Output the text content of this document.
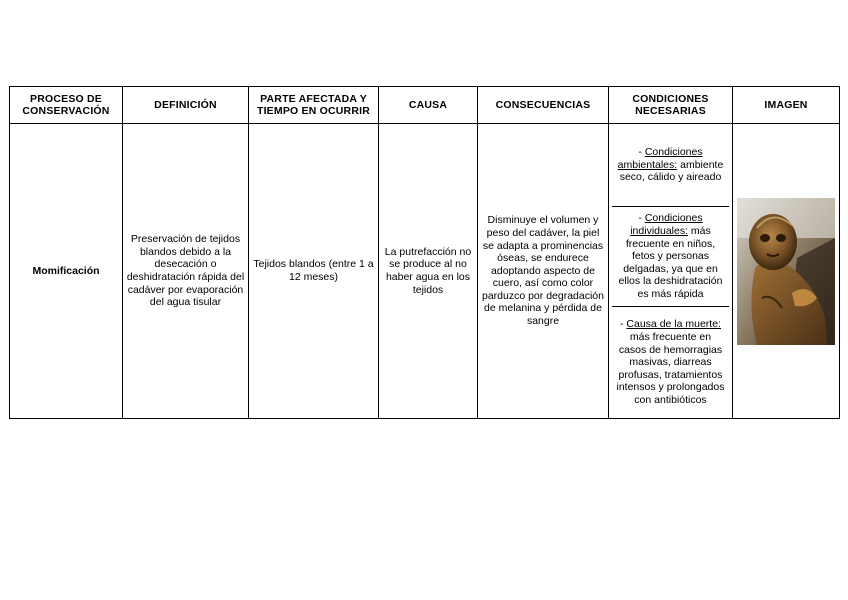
PROCESO DE CONSERVACIÓN	DEFINICIÓN	PARTE AFECTADA Y TIEMPO EN OCURRIR	CAUSA	CONSECUENCIAS	CONDICIONES NECESARIAS	IMAGEN
Momificación	Preservación de tejidos blandos debido a la desecación o deshidratación rápida del cadáver por evaporación del agua tisular	Tejidos blandos (entre 1 a 12 meses)	La putrefacción no se produce al no haber agua en los tejidos	Disminuye el volumen y peso del cadáver, la piel se adapta a prominencias óseas, se endurece adoptando aspecto de cuero, así como color parduzco por degradación de melanina y pérdida de sangre	- Condiciones ambientales: ambiente seco, cálido y aireado
- Condiciones individuales: más frecuente en niños, fetos y personas delgadas, ya que en ellos la deshidratación es más rápida
- Causa de la muerte: más frecuente en casos de hemorragias masivas, diarreas profusas, tratamientos intensos y prolongados con antibióticos
